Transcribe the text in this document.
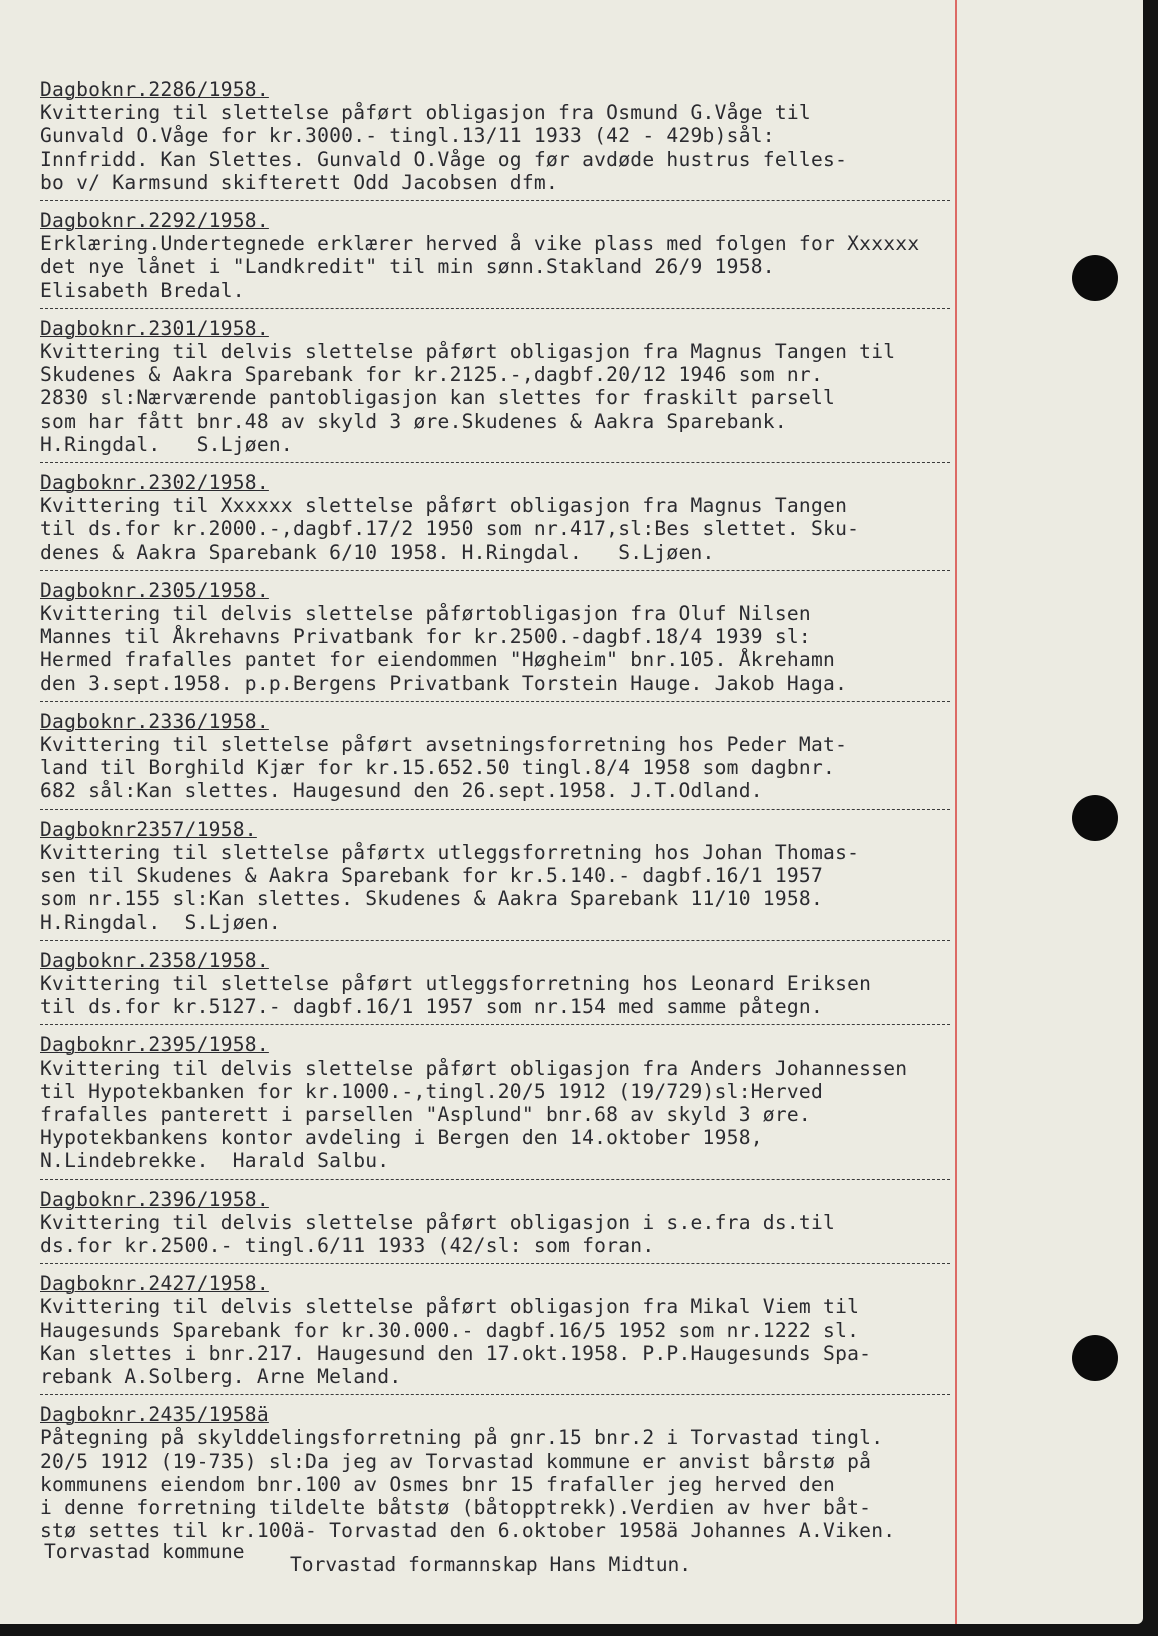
Dagboknr.2286/1958.
Kvittering til slettelse påført obligasjon fra Osmund G.Våge til
Gunvald O.Våge for kr.3000.- tingl.13/11 1933 (42 - 429b)sål:
Innfridd. Kan Slettes. Gunvald O.Våge og før avdøde hustrus felles-
bo v/ Karmsund skifterett Odd Jacobsen dfm.
Dagboknr.2292/1958.
Erklæring.Undertegnede erklærer herved å vike plass med folgen for Xxxxxx
det nye lånet i "Landkredit" til min sønn.Stakland 26/9 1958.
Elisabeth Bredal.
Dagboknr.2301/1958.
Kvittering til delvis slettelse påført obligasjon fra Magnus Tangen til
Skudenes & Aakra Sparebank for kr.2125.-,dagbf.20/12 1946 som nr.
2830 sl:Nærværende pantobligasjon kan slettes for fraskilt parsell
som har fått bnr.48 av skyld 3 øre.Skudenes & Aakra Sparebank.
H.Ringdal.   S.Ljøen.
Dagboknr.2302/1958.
Kvittering til Xxxxxx slettelse påført obligasjon fra Magnus Tangen
til ds.for kr.2000.-,dagbf.17/2 1950 som nr.417,sl:Bes slettet. Sku-
denes & Aakra Sparebank 6/10 1958. H.Ringdal.   S.Ljøen.
Dagboknr.2305/1958.
Kvittering til delvis slettelse påførtobligasjon fra Oluf Nilsen
Mannes til Åkrehavns Privatbank for kr.2500.-dagbf.18/4 1939 sl:
Hermed frafalles pantet for eiendommen "Høgheim" bnr.105. Åkrehamn
den 3.sept.1958. p.p.Bergens Privatbank Torstein Hauge. Jakob Haga.
Dagboknr.2336/1958.
Kvittering til slettelse påført avsetningsforretning hos Peder Mat-
land til Borghild Kjær for kr.15.652.50 tingl.8/4 1958 som dagbnr.
682 sål:Kan slettes. Haugesund den 26.sept.1958. J.T.Odland.
Dagboknr2357/1958.
Kvittering til slettelse påførtx utleggsforretning hos Johan Thomas-
sen til Skudenes & Aakra Sparebank for kr.5.140.- dagbf.16/1 1957
som nr.155 sl:Kan slettes. Skudenes & Aakra Sparebank 11/10 1958.
H.Ringdal.  S.Ljøen.
Dagboknr.2358/1958.
Kvittering til slettelse påført utleggsforretning hos Leonard Eriksen
til ds.for kr.5127.- dagbf.16/1 1957 som nr.154 med samme påtegn.
Dagboknr.2395/1958.
Kvittering til delvis slettelse påført obligasjon fra Anders Johannessen
til Hypotekbanken for kr.1000.-,tingl.20/5 1912 (19/729)sl:Herved
frafalles panterett i parsellen "Asplund" bnr.68 av skyld 3 øre.
Hypotekbankens kontor avdeling i Bergen den 14.oktober 1958,
N.Lindebrekke.  Harald Salbu.
Dagboknr.2396/1958.
Kvittering til delvis slettelse påført obligasjon i s.e.fra ds.til
ds.for kr.2500.- tingl.6/11 1933 (42/sl: som foran.
Dagboknr.2427/1958.
Kvittering til delvis slettelse påført obligasjon fra Mikal Viem til
Haugesunds Sparebank for kr.30.000.- dagbf.16/5 1952 som nr.1222 sl.
Kan slettes i bnr.217. Haugesund den 17.okt.1958. P.P.Haugesunds Spa-
rebank A.Solberg. Arne Meland.
Dagboknr.2435/1958ä
Påtegning på skylddelingsforretning på gnr.15 bnr.2 i Torvastad tingl.
20/5 1912 (19-735) sl:Da jeg av Torvastad kommune er anvist bårstø på
kommunens eiendom bnr.100 av Osmes bnr 15 frafaller jeg herved den
i denne forretning tildelte båtstø (båtopptrekk).Verdien av hver båt-
stø settes til kr.100ä- Torvastad den 6.oktober 1958ä Johannes A.Viken.
Torvastad kommune
Torvastad formannskap Hans Midtun.
